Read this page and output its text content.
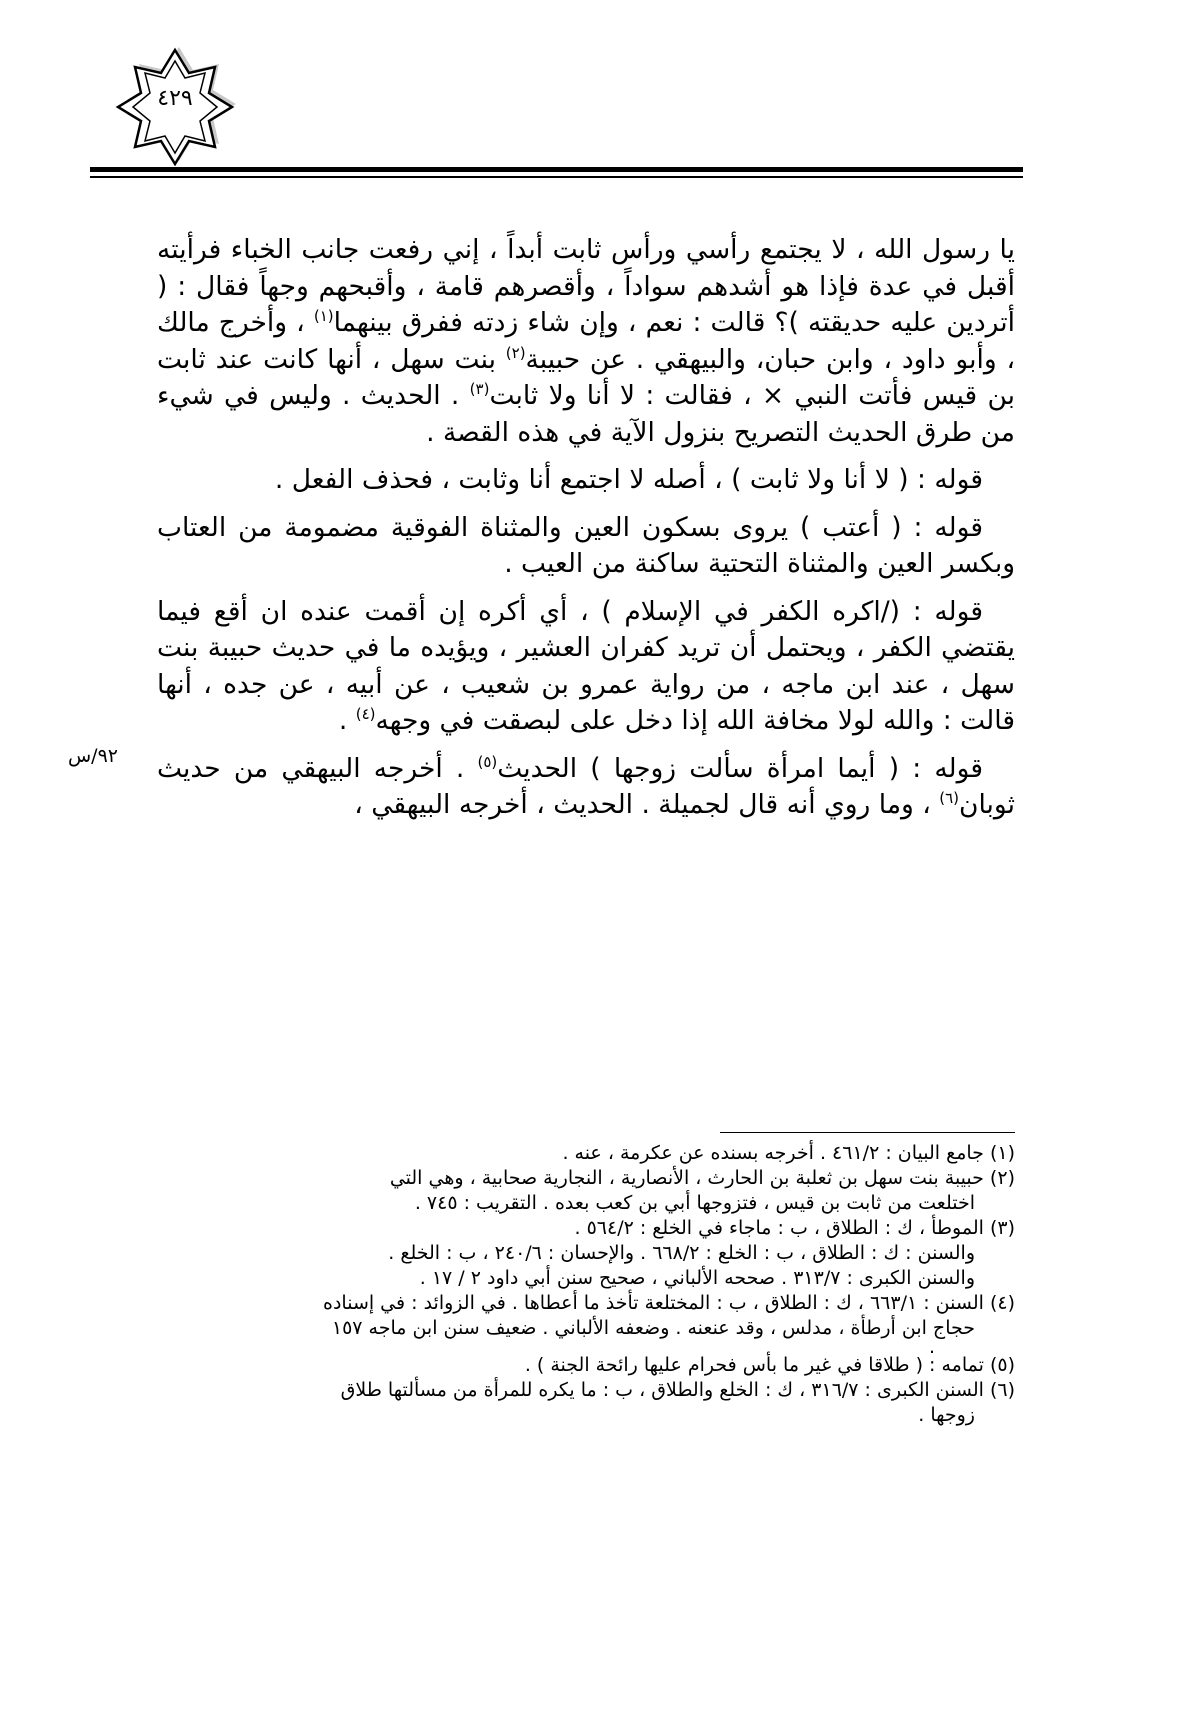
٤٢٩

يا رسول الله ، لا يجتمع رأسي ورأس ثابت أبداً ، إني رفعت جانب الخباء فرأيته أقبل في عدة فإذا هو أشدهم سواداً ، وأقصرهم قامة ، وأقبحهم وجهاً فقال : ( أتردين عليه حديقته )؟ قالت : نعم ، وإن شاء زدته ففرق بينهما$^{(١)}$ ، وأخرج مالك ، وأبو داود ، وابن حبان، والبيهقي . عن حبيبة$^{(٢)}$ بنت سهل ، أنها كانت عند ثابت بن قيس فأتت النبي × ، فقالت : لا أنا ولا ثابت$^{(٣)}$ . الحديث . وليس في شيء من طرق الحديث التصريح بنزول الآية في هذه القصة .

قوله : ( لا أنا ولا ثابت ) ، أصله لا اجتمع أنا وثابت ، فحذف الفعل .

قوله : ( أعتب ) يروى بسكون العين والمثناة الفوقية مضمومة من العتاب وبكسر العين والمثناة التحتية ساكنة من العيب .

قوله : (/اكره الكفر في الإسلام ) ، أي أكره إن أقمت عنده ان أقع فيما يقتضي الكفر ، ويحتمل أن تريد كفران العشير ، ويؤيده ما في حديث حبيبة بنت سهل ، عند ابن ماجه ، من رواية عمرو بن شعيب ، عن أبيه ، عن جده ، أنها قالت : والله لولا مخافة الله إذا دخل على لبصقت في وجهه$^{(٤)}$ .

قوله : ( أيما امرأة سألت زوجها ) الحديث$^{(٥)}$ . أخرجه البيهقي من حديث ثوبان$^{(٦)}$ ، وما روي أنه قال لجميلة . الحديث ، أخرجه البيهقي ،

٩٢/س

(١) جامع البيان : ٤٦١/٢ . أخرجه بسنده عن عكرمة ، عنه .

(٢) حبيبة بنت سهل بن ثعلبة بن الحارث ، الأنصارية ، النجارية صحابية ، وهي التي

اختلعت من ثابت بن قيس ، فتزوجها أبي بن كعب بعده . التقريب : ٧٤٥ .

(٣) الموطأ ، ك : الطلاق ، ب : ماجاء في الخلع : ٥٦٤/٢ .

والسنن : ك : الطلاق ، ب : الخلع : ٦٦٨/٢ . والإحسان : ٢٤٠/٦ ، ب : الخلع .

والسنن الكبرى : ٣١٣/٧ . صححه الألباني ، صحيح سنن أبي داود ٢ / ١٧ .

(٤) السنن : ٦٦٣/١ ، ك : الطلاق ، ب : المختلعة تأخذ ما أعطاها . في الزوائد : في إسناده

حجاج ابن أرطأة ، مدلس ، وقد عنعنه . وضعفه الألباني . ضعيف سنن ابن ماجه ١٥٧

.

(٥) تمامه : ( طلاقا في غير ما بأس فحرام عليها رائحة الجنة ) .

(٦) السنن الكبرى : ٣١٦/٧ ، ك : الخلع والطلاق ، ب : ما يكره للمرأة من مسألتها طلاق

زوجها .
